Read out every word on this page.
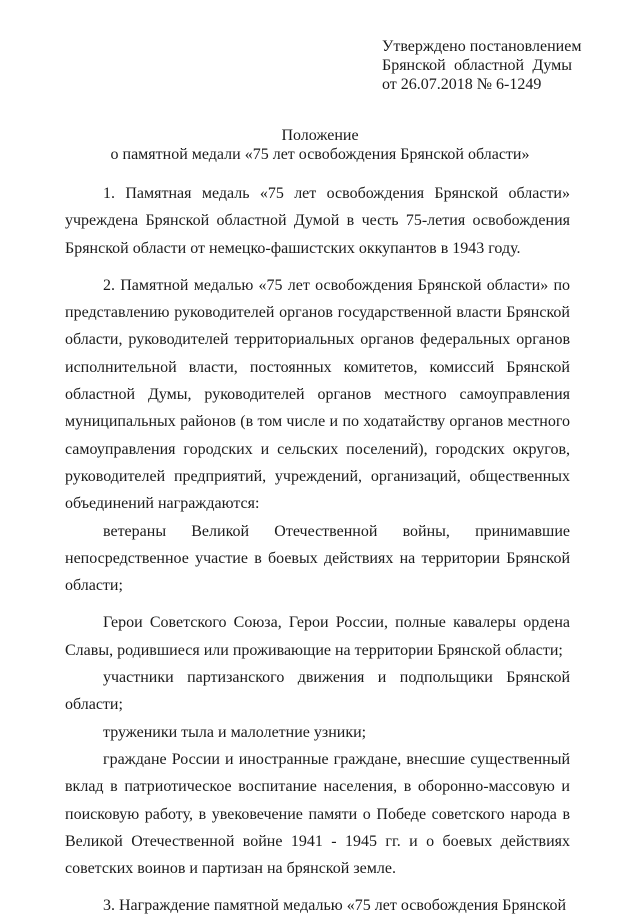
Утверждено постановлением
Брянской областной Думы
от 26.07.2018 № 6-1249
Положение
о памятной медали «75 лет освобождения Брянской области»

1. Памятная медаль «75 лет освобождения Брянской области» учреждена Брянской областной Думой в честь 75-летия освобождения Брянской области от немецко-фашистских оккупантов в 1943 году.

2. Памятной медалью «75 лет освобождения Брянской области» по представлению руководителей органов государственной власти Брянской области, руководителей территориальных органов федеральных органов исполнительной власти, постоянных комитетов, комиссий Брянской областной Думы, руководителей органов местного самоуправления муниципальных районов (в том числе и по ходатайству органов местного самоуправления городских и сельских поселений), городских округов, руководителей предприятий, учреждений, организаций, общественных объединений награждаются:

ветераны Великой Отечественной войны, принимавшие непосредственное участие в боевых действиях на территории Брянской области;

Герои Советского Союза, Герои России, полные кавалеры ордена Славы, родившиеся или проживающие на территории Брянской области;

участники партизанского движения и подпольщики Брянской области;

труженики тыла и малолетние узники;

граждане России и иностранные граждане, внесшие существенный вклад в патриотическое воспитание населения, в оборонно-массовую и поисковую работу, в увековечение памяти о Победе советского народа в Великой Отечественной войне 1941 - 1945 гг. и о боевых действиях советских воинов и партизан на брянской земле.

3. Награждение памятной медалью «75 лет освобождения Брянской
